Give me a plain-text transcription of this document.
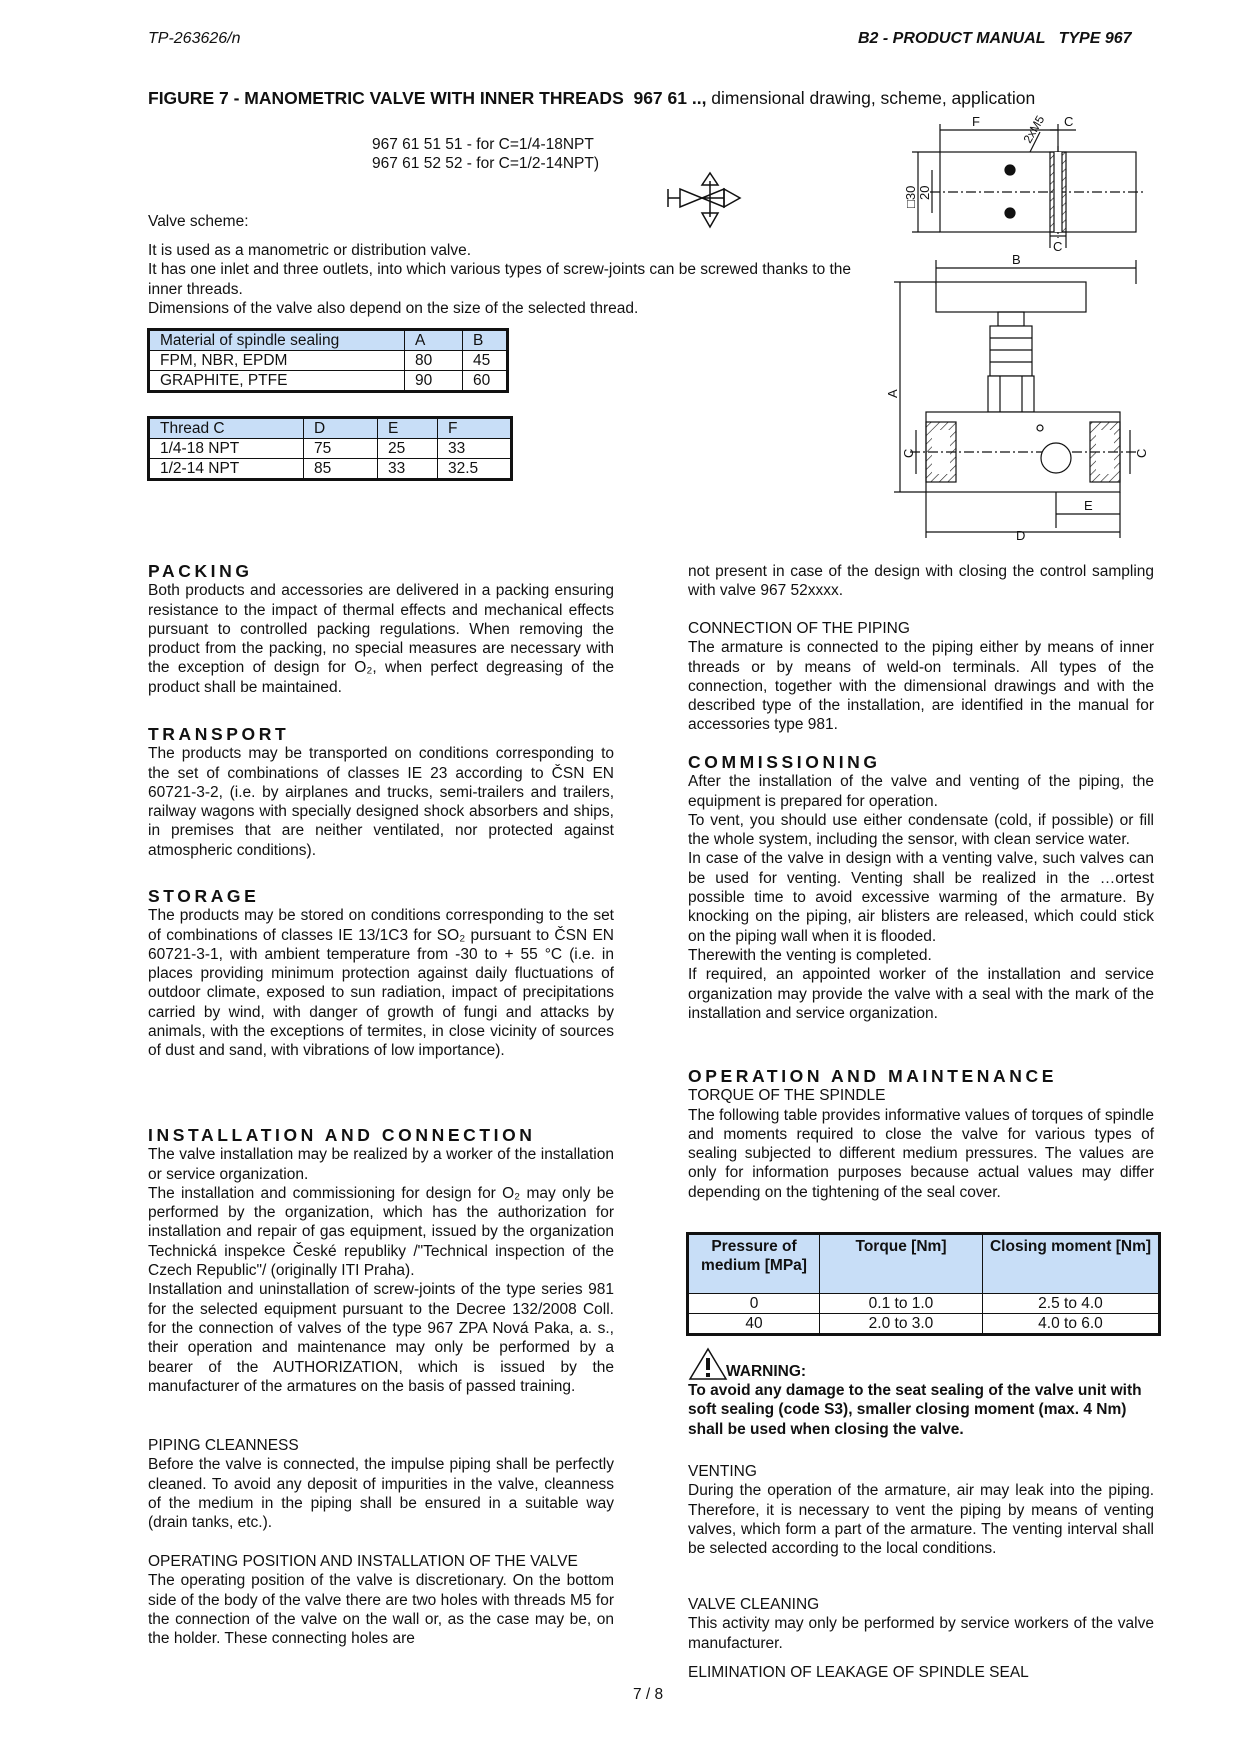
TP-263626/n	B2 - PRODUCT MANUAL   TYPE 967
FIGURE 7 - MANOMETRIC VALVE WITH INNER THREADS  967 61 .., dimensional drawing, scheme, application
967 61 51 51 - for C=1/4-18NPT
967 61 52 52 - for C=1/2-14NPT)
Valve scheme:
It is used as a manometric or distribution valve.
It has one inlet and three outlets, into which various types of screw-joints can be screwed thanks to the inner threads.
Dimensions of the valve also depend on the size of the selected thread.
Material of spindle sealing	A	B
FPM, NBR, EPDM	80	45
GRAPHITE, PTFE	90	60
Thread C	D	E	F
1/4-18 NPT	75	25	33
1/2-14 NPT	85	33	32.5
F	2xM5 C
C
□30 20
B
A
C	C
E
D
PACKING
Both products and accessories are delivered in a packing ensuring resistance to the impact of thermal effects and mechanical effects pursuant to controlled packing regulations. When removing the product from the packing, no special measures are necessary with the exception of design for O₂, when perfect degreasing of the product shall be maintained.
TRANSPORT
The products may be transported on conditions corresponding to the set of combinations of classes IE 23 according to ČSN EN 60721-3-2, (i.e. by airplanes and trucks, semi-trailers and trailers, railway wagons with specially designed shock absorbers and ships, in premises that are neither ventilated, nor protected against atmospheric conditions).
STORAGE
The products may be stored on conditions corresponding to the set of combinations of classes IE 13/1C3 for SO₂ pursuant to ČSN EN 60721-3-1, with ambient temperature from -30 to + 55 °C (i.e. in places providing minimum protection against daily fluctuations of outdoor climate, exposed to sun radiation, impact of precipitations carried by wind, with danger of growth of fungi and attacks by animals, with the exceptions of termites, in close vicinity of sources of dust and sand, with vibrations of low importance).
INSTALLATION AND CONNECTION
The valve installation may be realized by a worker of the installation or service organization.
The installation and commissioning for design for O₂ may only be performed by the organization, which has the authorization for installation and repair of gas equipment, issued by the organization Technická inspekce České republiky /"Technical inspection of the Czech Republic"/ (originally ITI Praha).
Installation and uninstallation of screw-joints of the type series 981 for the selected equipment pursuant to the Decree 132/2008 Coll. for the connection of valves of the type 967 ZPA Nová Paka, a. s., their operation and maintenance may only be performed by a bearer of the AUTHORIZATION, which is issued by the manufacturer of the armatures on the basis of passed training.
PIPING CLEANNESS
Before the valve is connected, the impulse piping shall be perfectly cleaned. To avoid any deposit of impurities in the valve, cleanness of the medium in the piping shall be ensured in a suitable way (drain tanks, etc.).
OPERATING POSITION AND INSTALLATION OF THE VALVE
The operating position of the valve is discretionary. On the bottom side of the body of the valve there are two holes with threads M5 for the connection of the valve on the wall or, as the case may be, on the holder. These connecting holes are
not present in case of the design with closing the control sampling with valve 967 52xxxx.
CONNECTION OF THE PIPING
The armature is connected to the piping either by means of inner threads or by means of weld-on terminals. All types of the connection, together with the dimensional drawings and with the described type of the installation, are identified in the manual for accessories type 981.
COMMISSIONING
After the installation of the valve and venting of the piping, the equipment is prepared for operation.
To vent, you should use either condensate (cold, if possible) or fill the whole system, including the sensor, with clean service water.
In case of the valve in design with a venting valve, such valves can be used for venting. Venting shall be realized in the …ortest possible time to avoid excessive warming of the armature. By knocking on the piping, air blisters are released, which could stick on the piping wall when it is flooded.
Therewith the venting is completed.
If required, an appointed worker of the installation and service organization may provide the valve with a seal with the mark of the installation and service organization.
OPERATION AND MAINTENANCE
TORQUE OF THE SPINDLE
The following table provides informative values of torques of spindle and moments required to close the valve for various types of sealing subjected to different medium pressures. The values are only for information purposes because actual values may differ depending on the tightening of the seal cover.
Pressure of medium [MPa]	Torque [Nm]	Closing moment [Nm]
0	0.1 to 1.0	2.5 to 4.0
40	2.0 to 3.0	4.0 to 6.0
WARNING:
To avoid any damage to the seat sealing of the valve unit with soft sealing (code S3), smaller closing moment (max. 4 Nm) shall be used when closing the valve.
VENTING
During the operation of the armature, air may leak into the piping. Therefore, it is necessary to vent the piping by means of venting valves, which form a part of the armature. The venting interval shall be selected according to the local conditions.
VALVE CLEANING
This activity may only be performed by service workers of the valve manufacturer.
ELIMINATION OF LEAKAGE OF SPINDLE SEAL
7 / 8
